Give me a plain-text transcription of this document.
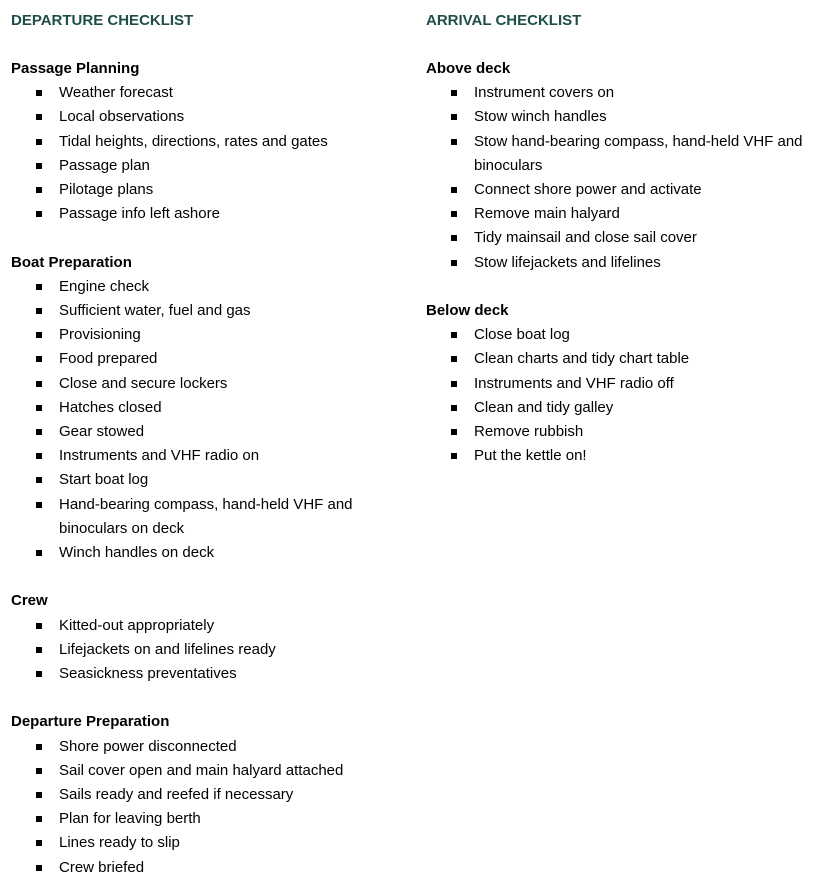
DEPARTURE CHECKLIST
Passage Planning
Weather forecast
Local observations
Tidal heights, directions, rates and gates
Passage plan
Pilotage plans
Passage info left ashore
Boat Preparation
Engine check
Sufficient water, fuel and gas
Provisioning
Food prepared
Close and secure lockers
Hatches closed
Gear stowed
Instruments and VHF radio on
Start boat log
Hand-bearing compass, hand-held VHF and binoculars on deck
Winch handles on deck
Crew
Kitted-out appropriately
Lifejackets on and lifelines ready
Seasickness preventatives
Departure Preparation
Shore power disconnected
Sail cover open and main halyard attached
Sails ready and reefed if necessary
Plan for leaving berth
Lines ready to slip
Crew briefed
ARRIVAL CHECKLIST
Above deck
Instrument covers on
Stow winch handles
Stow hand-bearing compass, hand-held VHF and binoculars
Connect shore power and activate
Remove main halyard
Tidy mainsail and close sail cover
Stow lifejackets and lifelines
Below deck
Close boat log
Clean charts and tidy chart table
Instruments and VHF radio off
Clean and tidy galley
Remove rubbish
Put the kettle on!
